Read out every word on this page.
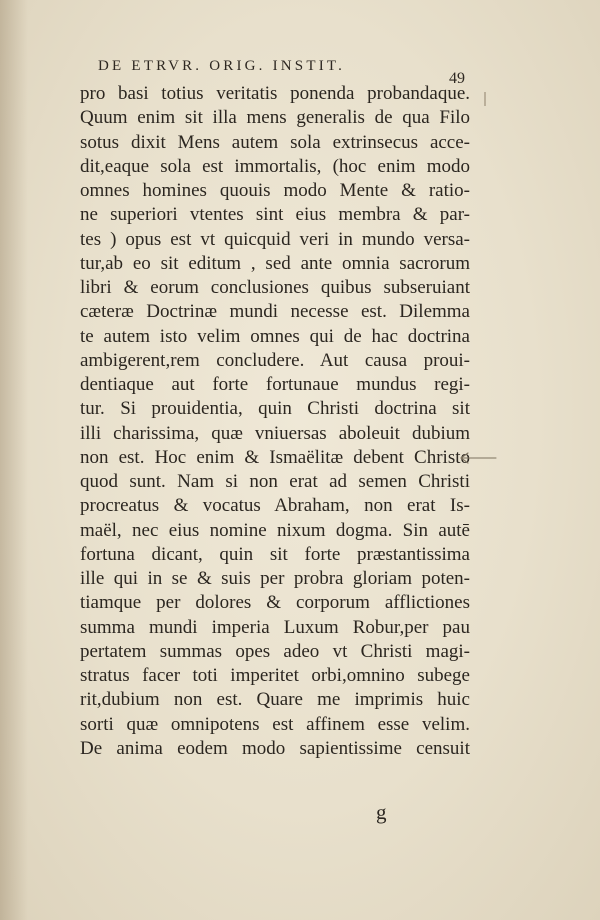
DE ETRVR. ORIG. INSTIT.
49
pro basi totius veritatis ponenda probandaque.
Quum enim sit illa mens generalis de qua Filo
sotus dixit Mens autem sola extrinsecus acce-
dit,eaque sola est immortalis, (hoc enim modo
omnes homines quouis modo Mente & ratio-
ne superiori vtentes sint eius membra & par-
tes ) opus est vt quicquid veri in mundo versa-
tur,ab eo sit editum , sed ante omnia sacrorum
libri & eorum conclusiones quibus subseruiant
cæteræ Doctrinæ mundi necesse est. Dilemma
te autem isto velim omnes qui de hac doctrina
ambigerent,rem concludere. Aut causa proui-
dentiaque aut forte fortunaue mundus regi-
tur. Si prouidentia, quin Christi doctrina sit
illi charissima, quæ vniuersas aboleuit dubium
non est. Hoc enim & Ismaëlitæ debent Christo
quod sunt. Nam si non erat ad semen Christi
procreatus & vocatus Abraham, non erat Is-
maël, nec eius nomine nixum dogma. Sin autē
fortuna dicant, quin sit forte præstantissima
ille qui in se & suis per probra gloriam poten-
tiamque per dolores & corporum afflictiones
summa mundi imperia Luxum Robur,per pau
pertatem summas opes adeo vt Christi magi-
stratus facer toti imperitet orbi,omnino subege
rit,dubium non est. Quare me imprimis huic
sorti quæ omnipotens est affinem esse velim.
De anima eodem modo sapientissime censuit
g
